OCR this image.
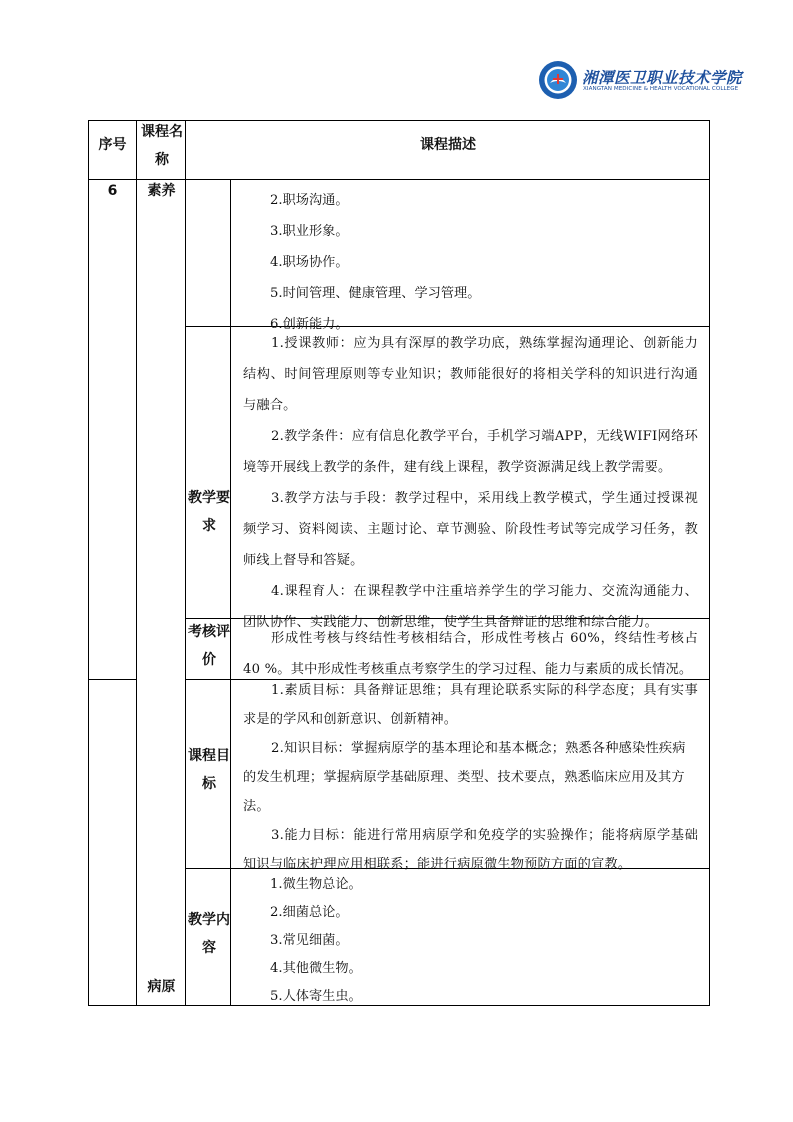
湘潭医卫职业技术学院
XIANGTAN MEDICINE & HEALTH VOCATIONAL COLLEGE
序号
课程名称
课程描述
6	素养
病原
2.职场沟通。
3.职业形象。
4.职场协作。
5.时间管理、健康管理、学习管理。
6.创新能力。
教学要求

1.授课教师：应为具有深厚的教学功底，熟练掌握沟通理论、创新能力结构、时间管理原则等专业知识；教师能很好的将相关学科的知识进行沟通与融合。

2.教学条件：应有信息化教学平台，手机学习端APP，无线WIFI网络环境等开展线上教学的条件，建有线上课程，教学资源满足线上教学需要。

3.教学方法与手段：教学过程中，采用线上教学模式，学生通过授课视频学习、资料阅读、主题讨论、章节测验、阶段性考试等完成学习任务，教师线上督导和答疑。

4.课程育人：在课程教学中注重培养学生的学习能力、交流沟通能力、团队协作、实践能力、创新思维，使学生具备辩证的思维和综合能力。

考核评价

形成性考核与终结性考核相结合，形成性考核占 60%，终结性考核占 40 %。其中形成性考核重点考察学生的学习过程、能力与素质的成长情况。

课程目标

1.素质目标：具备辩证思维；具有理论联系实际的科学态度；具有实事求是的学风和创新意识、创新精神。

2.知识目标：掌握病原学的基本理论和基本概念；熟悉各种感染性疾病的发生机理；掌握病原学基础原理、类型、技术要点，熟悉临床应用及其方法。

3.能力目标：能进行常用病原学和免疫学的实验操作；能将病原学基础知识与临床护理应用相联系；能进行病原微生物预防方面的宣教。

教学内容
1.微生物总论。
2.细菌总论。
3.常见细菌。
4.其他微生物。
5.人体寄生虫。
